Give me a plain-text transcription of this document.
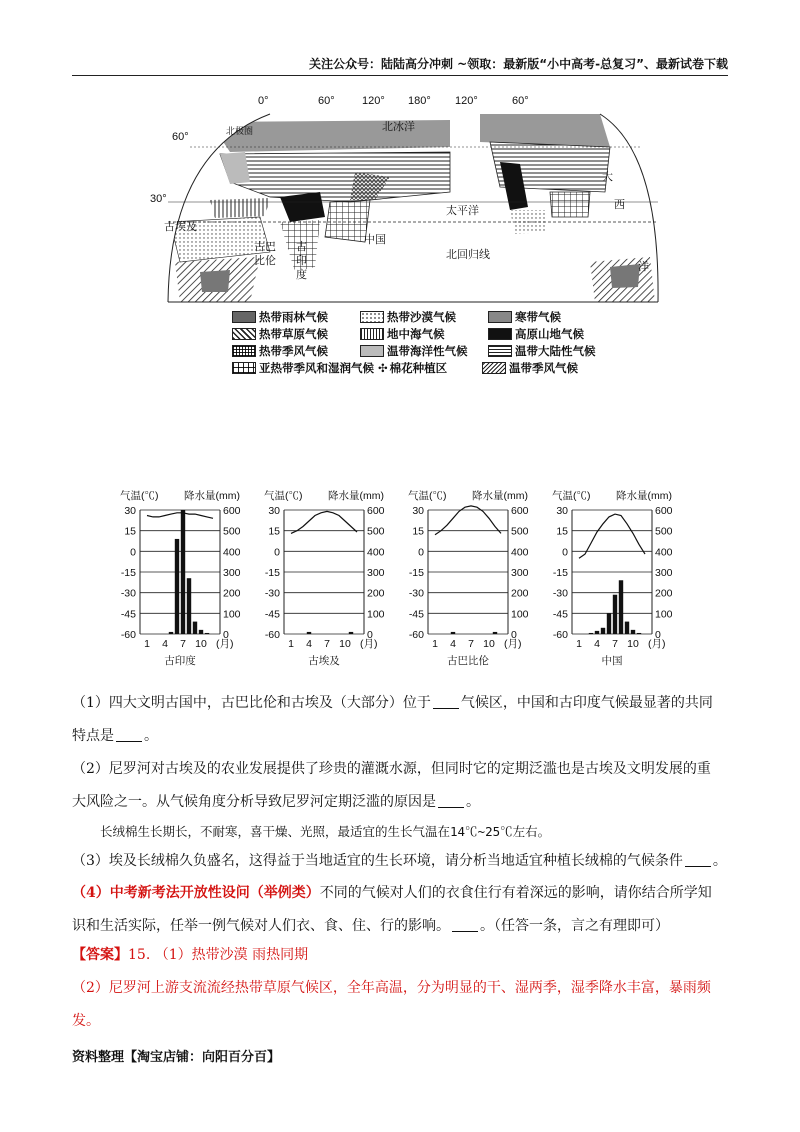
关注公众号：陆陆高分冲刺 ~领取：最新版“小中高考-总复习”、最新试卷下载
0°	60° 120° 180° 120°	60°
60°
30°
北极圈	北冰洋
太平洋
北回归线
古埃及
古巴
比伦
古
印
度
中国
大
西
洋
热带雨林气候	热带沙漠气候	寒带气候
热带草原气候	地中海气候	高原山地气候
热带季风气候	温带海洋性气候	温带大陆性气候
亚热带季风和湿润气候 ✣ 棉花种植区	温带季风气候
气温(℃) 降水量(mm)
30
15
0
-15
-30
-45
-60
600
500
400
300
200
100
0
1 4 7 10 (月)
古印度
气温(℃) 降水量(mm)
30
15
0
-15
-30
-45
-60
600
500
400
300
200
100
0
1 4 7 10 (月)
古埃及
气温(℃) 降水量(mm)
30
15
0
-15
-30
-45
-60
600
500
400
300
200
100
0
1 4 7 10 (月)
古巴比伦
气温(℃) 降水量(mm)
30
15
0
-15
-30
-45
-60
600
500
400
300
200
100
0
1 4 7 10 (月)
中国
（1）四大文明古国中，古巴比伦和古埃及（大部分）位于 气候区，中国和古印度气候最显著的共同
特点是 。
（2）尼罗河对古埃及的农业发展提供了珍贵的灌溉水源，但同时它的定期泛滥也是古埃及文明发展的重
大风险之一。从气候角度分析导致尼罗河定期泛滥的原因是 。
长绒棉生长期长，不耐寒，喜干燥、光照，最适宜的生长气温在14℃~25℃左右。
（3）埃及长绒棉久负盛名，这得益于当地适宜的生长环境，请分析当地适宜种植长绒棉的气候条件 。
（4）中考新考法开放性设问（举例类）不同的气候对人们的衣食住行有着深远的影响，请你结合所学知
识和生活实际，任举一例气候对人们衣、食、住、行的影响。 。（任答一条，言之有理即可）
【答案】15. （1）热带沙漠 雨热同期
（2）尼罗河上游支流流经热带草原气候区，全年高温，分为明显的干、湿两季，湿季降水丰富，暴雨频
发。
资料整理【淘宝店铺：向阳百分百】
